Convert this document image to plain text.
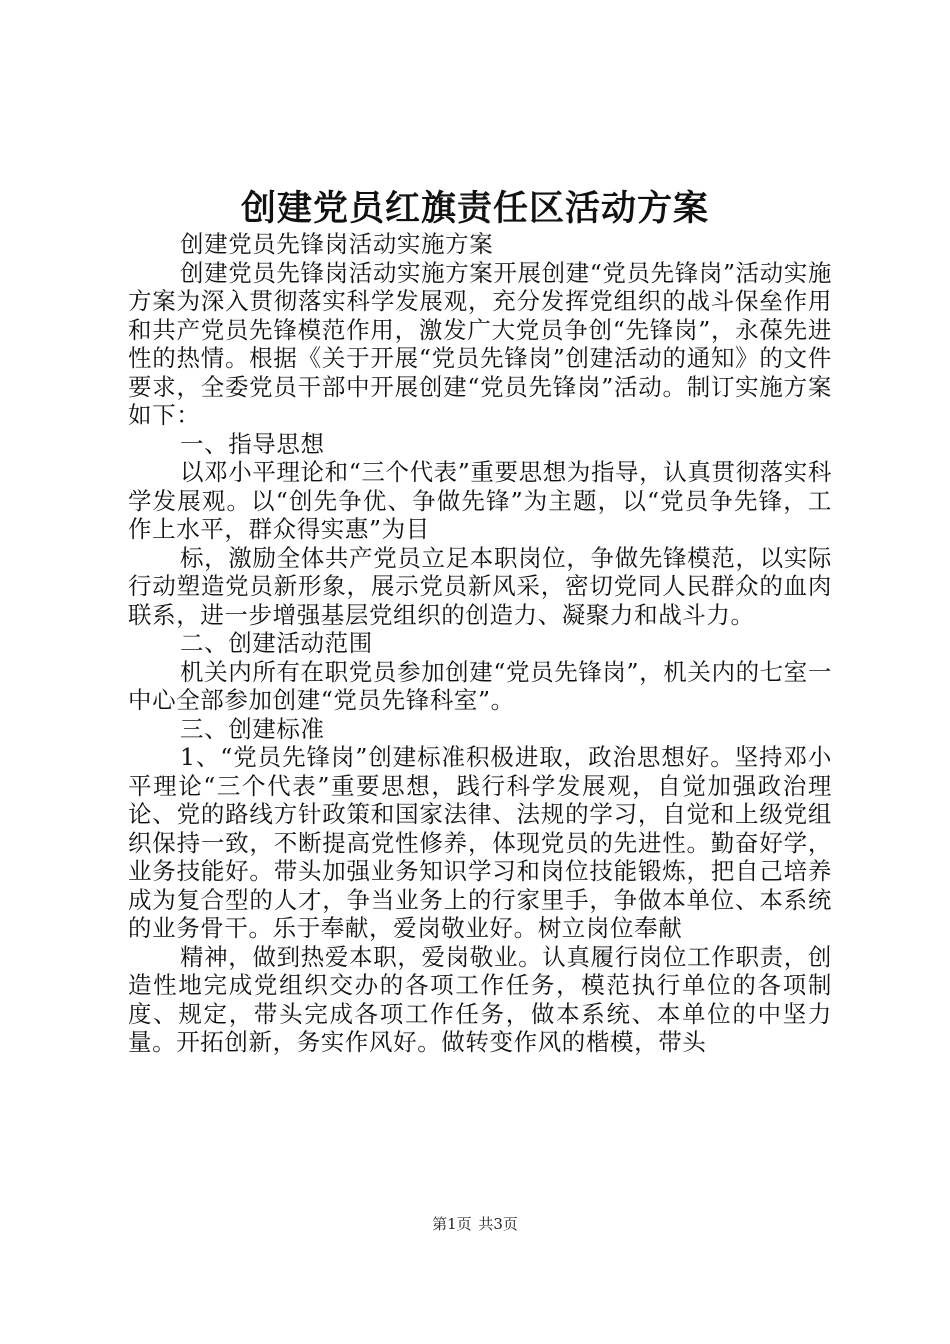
创建党员红旗责任区活动方案

创建党员先锋岗活动实施方案

创建党员先锋岗活动实施方案开展创建“党员先锋岗”活动实施方案为深入贯彻落实科学发展观，充分发挥党组织的战斗保垒作用和共产党员先锋模范作用，激发广大党员争创“先锋岗”，永葆先进性的热情。根据《关于开展“党员先锋岗”创建活动的通知》的文件要求，全委党员干部中开展创建“党员先锋岗”活动。制订实施方案如下：

一、指导思想

以邓小平理论和“三个代表”重要思想为指导，认真贯彻落实科学发展观。以“创先争优、争做先锋”为主题，以“党员争先锋，工作上水平，群众得实惠”为目

标，激励全体共产党员立足本职岗位，争做先锋模范，以实际行动塑造党员新形象，展示党员新风采，密切党同人民群众的血肉联系，进一步增强基层党组织的创造力、凝聚力和战斗力。

二、创建活动范围

机关内所有在职党员参加创建“党员先锋岗”，机关内的七室一中心全部参加创建“党员先锋科室”。

三、创建标准

1、“党员先锋岗”创建标准积极进取，政治思想好。坚持邓小平理论“三个代表”重要思想，践行科学发展观，自觉加强政治理论、党的路线方针政策和国家法律、法规的学习，自觉和上级党组织保持一致，不断提高党性修养，体现党员的先进性。勤奋好学，业务技能好。带头加强业务知识学习和岗位技能锻炼，把自己培养成为复合型的人才，争当业务上的行家里手，争做本单位、本系统的业务骨干。乐于奉献，爱岗敬业好。树立岗位奉献

精神，做到热爱本职，爱岗敬业。认真履行岗位工作职责，创造性地完成党组织交办的各项工作任务，模范执行单位的各项制度、规定，带头完成各项工作任务，做本系统、本单位的中坚力量。开拓创新，务实作风好。做转变作风的楷模，带头

第1页 共3页
